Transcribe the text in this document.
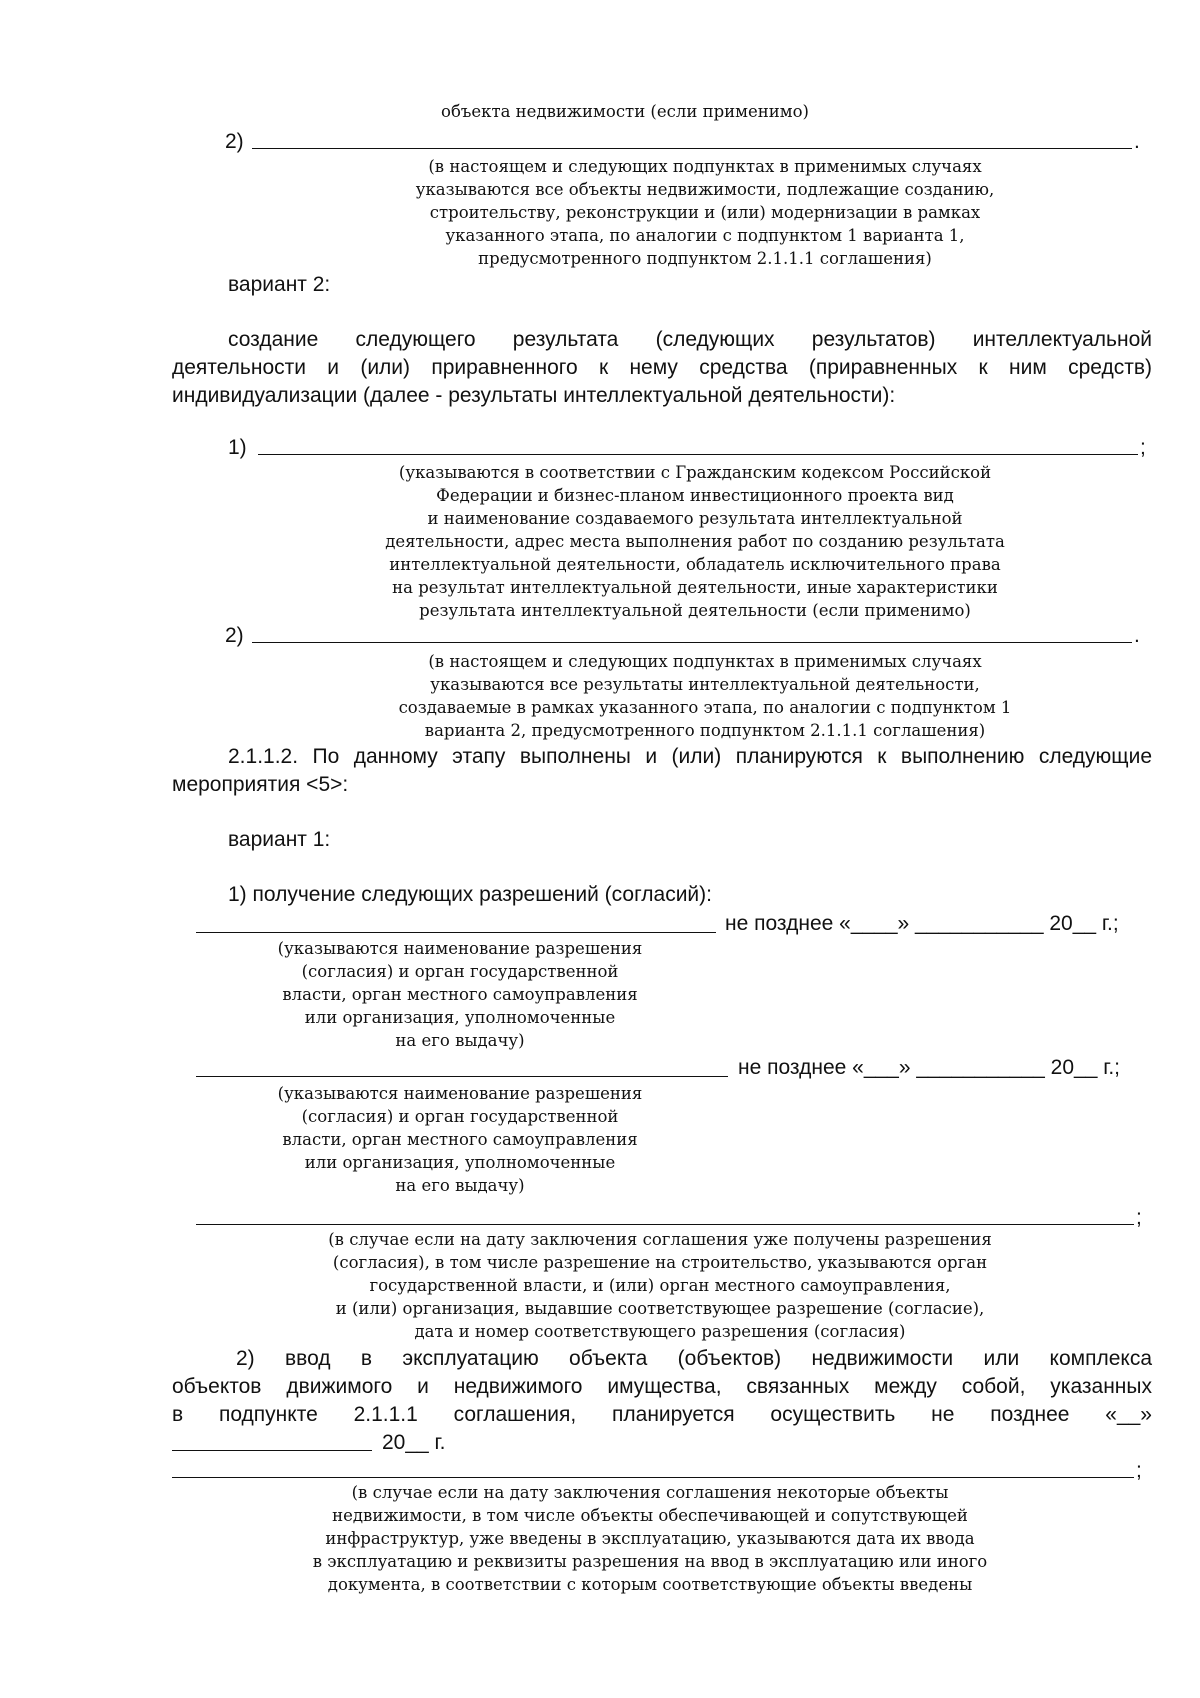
объекта недвижимости (если применимо)
2)	.
(в настоящем и следующих подпунктах в применимых случаях
указываются все объекты недвижимости, подлежащие созданию,
строительству, реконструкции и (или) модернизации в рамках
указанного этапа, по аналогии с подпунктом 1 варианта 1,
предусмотренного подпунктом 2.1.1.1 соглашения)
вариант 2:
создание следующего результата (следующих результатов) интеллектуальной
деятельности и (или) приравненного к нему средства (приравненных к ним средств)
индивидуализации (далее - результаты интеллектуальной деятельности):
1)	;
(указываются в соответствии с Гражданским кодексом Российской
Федерации и бизнес-планом инвестиционного проекта вид
и наименование создаваемого результата интеллектуальной
деятельности, адрес места выполнения работ по созданию результата
интеллектуальной деятельности, обладатель исключительного права
на результат интеллектуальной деятельности, иные характеристики
результата интеллектуальной деятельности (если применимо)
2)	.
(в настоящем и следующих подпунктах в применимых случаях
указываются все результаты интеллектуальной деятельности,
создаваемые в рамках указанного этапа, по аналогии с подпунктом 1
варианта 2, предусмотренного подпунктом 2.1.1.1 соглашения)
2.1.1.2. По данному этапу выполнены и (или) планируются к выполнению следующие
мероприятия <5>:
вариант 1:
1) получение следующих разрешений (согласий):
не позднее «____» ___________ 20__ г.;
(указываются наименование разрешения
(согласия) и орган государственной
власти, орган местного самоуправления
или организация, уполномоченные
на его выдачу)
не позднее «___» ___________ 20__ г.;
(указываются наименование разрешения
(согласия) и орган государственной
власти, орган местного самоуправления
или организация, уполномоченные
на его выдачу)
;
(в случае если на дату заключения соглашения уже получены разрешения
(согласия), в том числе разрешение на строительство, указываются орган
государственной власти, и (или) орган местного самоуправления,
и (или) организация, выдавшие соответствующее разрешение (согласие),
дата и номер соответствующего разрешения (согласия)
2) ввод в эксплуатацию объекта (объектов) недвижимости или комплекса
объектов движимого и недвижимого имущества, связанных между собой, указанных
в подпункте 2.1.1.1 соглашения, планируется осуществить не позднее «__»
20__ г.
;
(в случае если на дату заключения соглашения некоторые объекты
недвижимости, в том числе объекты обеспечивающей и сопутствующей
инфраструктур, уже введены в эксплуатацию, указываются дата их ввода
в эксплуатацию и реквизиты разрешения на ввод в эксплуатацию или иного
документа, в соответствии с которым соответствующие объекты введены
